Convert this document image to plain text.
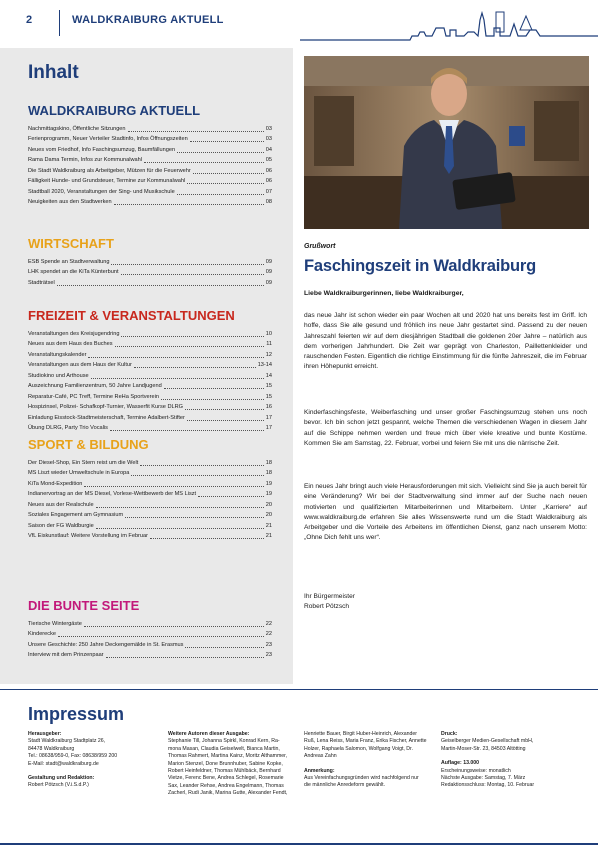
2	WALDKRAIBURG AKTUELL
Inhalt
WALDKRAIBURG AKTUELL
Nachmittagskino, Öffentliche Sitzungen	03
Ferienprogramm, Neuer Verteiler Stadtinfo, Infos Öffnungszeiten	03
Neues vom Friedhof, Info Faschingsumzug, Baumfällungen	04
Rama Dama Termin, Infos zur Kommunalwahl	05
Die Stadt Waldkraiburg als Arbeitgeber, Mützen für die Feuerwehr	06
Fälligkeit Hunde- und Grundsteuer, Termine zur Kommunalwahl	06
Stadtball 2020, Veranstaltungen der Sing- und Musikschule	07
Neuigkeiten aus den Stadtwerken	08
WIRTSCHAFT
ESB Spende an Stadtverwaltung	09
LHK spendet an die KiTa Künterbunt	09
Stadträtsel	09
FREIZEIT & VERANSTALTUNGEN
Veranstaltungen des Kreisjugendring	10
Neues aus dem Haus des Buches	11
Veranstaltungskalender	12
Veranstaltungen aus dem Haus der Kultur	13-14
Studiokino und Arthouse	14
Auszeichnung Familienzentrum, 50 Jahre Landjugend	15
Reparatur-Café, PC Treff, Termine ReHa Sportverein	15
Hospizinsel, Polizei- Schafkopf-Turnier, Wasserfit Kurse DLRG	16
Einladung Eisstock-Stadtmeisterschaft, Termine Adalbert-Stifter	17
Übung DLRG, Party Trio Vocalis	17
SPORT & BILDUNG
Der Diesel-Shop, Ein Stern reist um die Welt	18
MS Liszt wieder Umweltschule in Europa	18
KiTa Mond-Expedition	19
Indianervortrag an der MS Diesel, Vorlese-Wettbewerb der MS Liszt	19
Neues aus der Realschule	20
Soziales Engagement am Gymnasium	20
Saison der FG Waldburgie	21
VfL Eiskunstlauf: Weitere Vorstellung im Februar	21
DIE BUNTE SEITE
Tierische Wintergäste	22
Kinderecke	22
Unsere Geschichte: 250 Jahre Deckengemälde in St. Erasmus	23
Interview mit dem Prinzenpaar	23
Grußwort
Faschingszeit in Waldkraiburg
Liebe Waldkraiburgerinnen, liebe Waldkraiburger,
das neue Jahr ist schon wieder ein paar Wochen alt und 2020 hat uns bereits fest im Griff. Ich hoffe, dass Sie alle gesund und fröhlich ins neue Jahr gestartet sind. Passend zu der neuen Jahreszahl feierten wir auf dem diesjährigen Stadtball die goldenen 20er Jahre – natürlich aus dem vorherigen Jahrhundert. Die Zeit war geprägt von Charleston, Paillettenkleider und rauschenden Festen. Eigentlich die richtige Einstimmung für die fünfte Jahreszeit, die im Februar ihren Höhepunkt erreicht.
Kinderfaschingsfeste, Weiberfasching und unser großer Faschingsumzug stehen uns noch bevor. Ich bin schon jetzt gespannt, welche Themen die verschiedenen Wagen in diesem Jahr auf die Schippe nehmen werden und freue mich über viele kreative und bunte Kostüme. Kommen Sie am Samstag, 22. Februar, vorbei und feiern Sie mit uns die närrische Zeit.
Ein neues Jahr bringt auch viele Herausforderungen mit sich. Vielleicht sind Sie ja auch bereit für eine Veränderung? Wir bei der Stadtverwaltung sind immer auf der Suche nach neuen motivierten und qualifizierten Mitarbeiterinnen und Mitarbeitern. Unter „Karriere“ auf www.waldkraiburg.de erfahren Sie alles Wissenswerte rund um die Stadt Waldkraiburg als Arbeitgeber und die Vorteile des Arbeitens im öffentlichen Dienst, ganz nach unserem Motto: „Ohne Dich fehlt uns wer“.
Ihr Bürgermeister
Robert Pötzsch
Impressum
Herausgeber:
Stadt Waldkraiburg Stadtplatz 26,
84478 Waldkraiburg
Tel.: 08638/959-0, Fax: 08638/959 200
E-Mail: stadt@waldkraiburg.de
Gestaltung und Redaktion:
Robert Pötzsch (V.i.S.d.P.)
Weitere Autoren dieser Ausgabe:
Stephanie Till, Johanna Spirkl, Konrad Kern, Ra-
mona Masan, Claudia Geiselwelt, Bianca Martin,
Thomas Rahmert, Martina Kainz, Moritz Althammer,
Marion Stenzel, Done Brunnhuber, Sabine Kopke,
Robert Heinfeldner, Thomas Mühlbäck, Bernhard
Vietze, Ferenc Bene, Andrea Schlegel, Rosemarie
Sax, Leander Rehse, Andrea Engelmann, Thomas
Zacherl, Rudi Janik, Marina Gutte, Alexander Fendt,
Henriette Bauer, Birgit Huber-Heinrich, Alexander
Ruß, Lena Reiss, Maria Franz, Erika Fischer, Annette
Holzer, Raphaela Salomon, Wolfgang Voigt, Dr.
Andreas Zahn
Anmerkung:
Aus Vereinfachungsgründen wird nachfolgend nur
die männliche Anredeform gewählt.
Druck:
Geiselberger Medien-Gesellschaft mbH,
Martin-Moser-Str. 23, 84503 Altötting
Auflage: 13.000
Erscheinungsweise: monatlich
Nächste Ausgabe: Samstag, 7. März
Redaktionsschluss: Montag, 10. Februar
